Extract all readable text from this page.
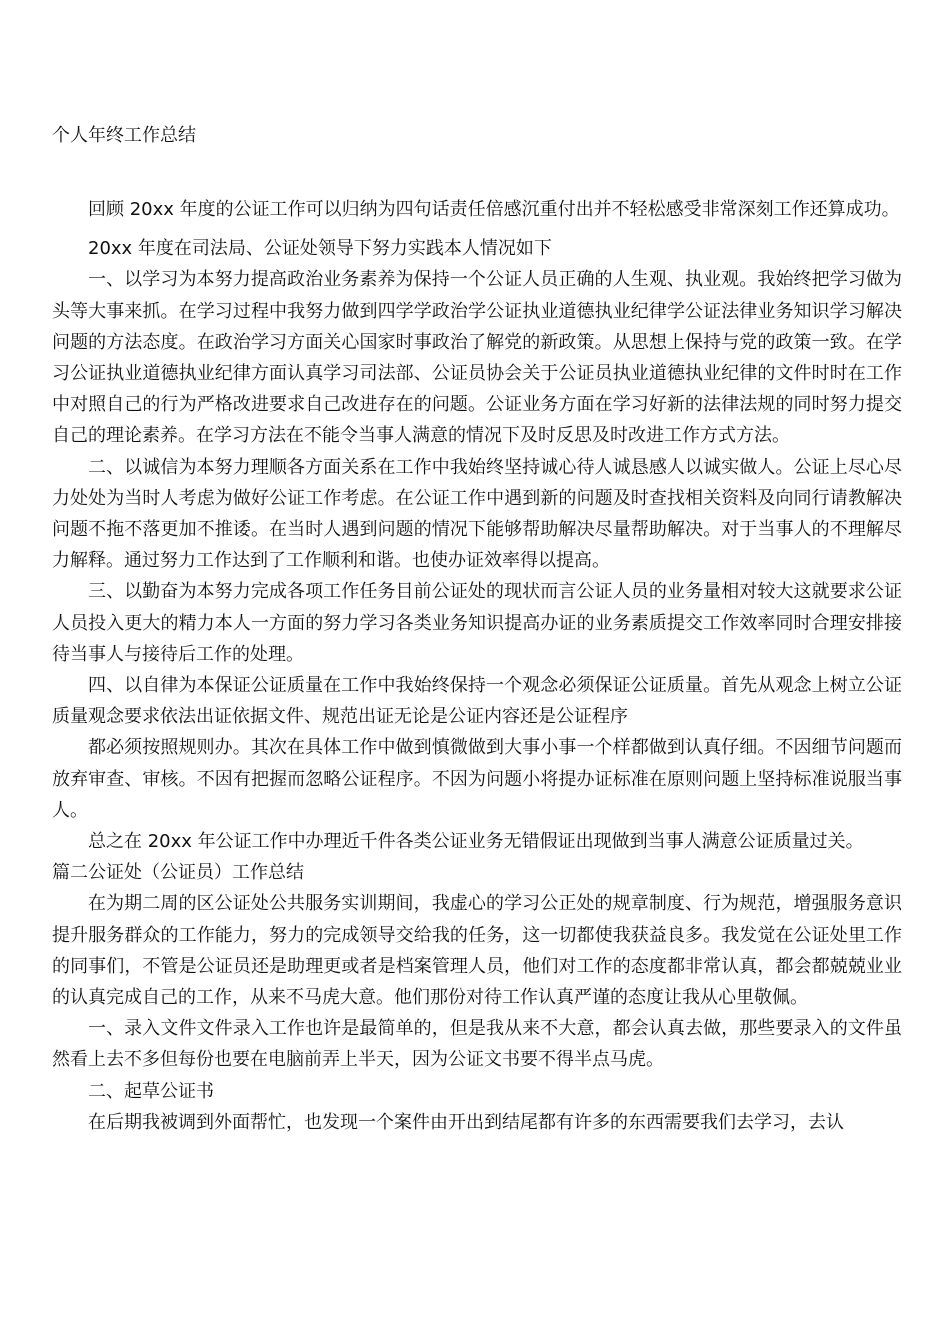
个人年终工作总结

回顾 20xx 年度的公证工作可以归纳为四句话责任倍感沉重付出并不轻松感受非常深刻工作还算成功。

20xx 年度在司法局、公证处领导下努力实践本人情况如下

一、以学习为本努力提高政治业务素养为保持一个公证人员正确的人生观、执业观。我始终把学习做为头等大事来抓。在学习过程中我努力做到四学学政治学公证执业道德执业纪律学公证法律业务知识学习解决问题的方法态度。在政治学习方面关心国家时事政治了解党的新政策。从思想上保持与党的政策一致。在学习公证执业道德执业纪律方面认真学习司法部、公证员协会关于公证员执业道德执业纪律的文件时时在工作中对照自己的行为严格改进要求自己改进存在的问题。公证业务方面在学习好新的法律法规的同时努力提交自己的理论素养。在学习方法在不能令当事人满意的情况下及时反思及时改进工作方式方法。

二、以诚信为本努力理顺各方面关系在工作中我始终坚持诚心待人诚恳感人以诚实做人。公证上尽心尽力处处为当时人考虑为做好公证工作考虑。在公证工作中遇到新的问题及时查找相关资料及向同行请教解决问题不拖不落更加不推诿。在当时人遇到问题的情况下能够帮助解决尽量帮助解决。对于当事人的不理解尽力解释。通过努力工作达到了工作顺利和谐。也使办证效率得以提高。

三、以勤奋为本努力完成各项工作任务目前公证处的现状而言公证人员的业务量相对较大这就要求公证人员投入更大的精力本人一方面的努力学习各类业务知识提高办证的业务素质提交工作效率同时合理安排接待当事人与接待后工作的处理。

四、以自律为本保证公证质量在工作中我始终保持一个观念必须保证公证质量。首先从观念上树立公证质量观念要求依法出证依据文件、规范出证无论是公证内容还是公证程序

都必须按照规则办。其次在具体工作中做到慎微做到大事小事一个样都做到认真仔细。不因细节问题而放弃审查、审核。不因有把握而忽略公证程序。不因为问题小将提办证标准在原则问题上坚持标准说服当事人。

总之在 20xx 年公证工作中办理近千件各类公证业务无错假证出现做到当事人满意公证质量过关。

篇二公证处（公证员）工作总结

在为期二周的区公证处公共服务实训期间，我虚心的学习公正处的规章制度、行为规范，增强服务意识提升服务群众的工作能力，努力的完成领导交给我的任务，这一切都使我获益良多。我发觉在公证处里工作的同事们，不管是公证员还是助理更或者是档案管理人员，他们对工作的态度都非常认真，都会都兢兢业业的认真完成自己的工作，从来不马虎大意。他们那份对待工作认真严谨的态度让我从心里敬佩。

一、录入文件文件录入工作也许是最简单的，但是我从来不大意，都会认真去做，那些要录入的文件虽然看上去不多但每份也要在电脑前弄上半天，因为公证文书要不得半点马虎。

二、起草公证书

在后期我被调到外面帮忙，也发现一个案件由开出到结尾都有许多的东西需要我们去学习，去认
